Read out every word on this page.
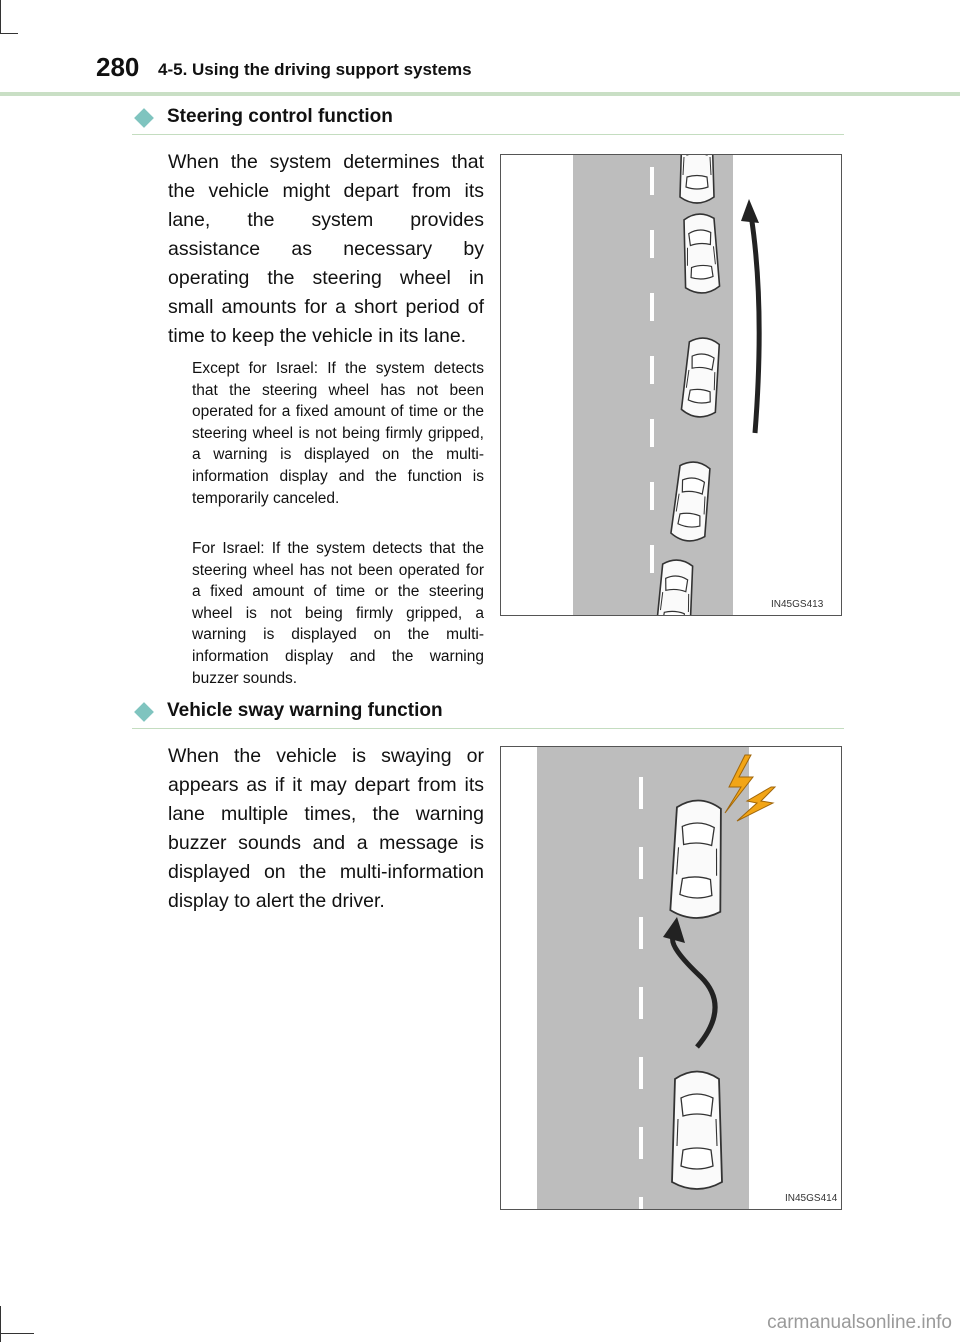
280 4-5. Using the driving support systems
Steering control function
When the system determines that the vehicle might depart from its lane, the system provides assistance as necessary by operating the steering wheel in small amounts for a short period of time to keep the vehicle in its lane.

Except for Israel: If the system detects that the steering wheel has not been operated for a fixed amount of time or the steering wheel is not being firmly gripped, a warning is displayed on the multi-information display and the function is temporarily canceled.

For Israel: If the system detects that the steering wheel has not been operated for a fixed amount of time or the steering wheel is not being firmly gripped, a warning is displayed on the multi-information display and the warning buzzer sounds.

IN45GS413
Vehicle sway warning function
When the vehicle is swaying or appears as if it may depart from its lane multiple times, the warning buzzer sounds and a message is displayed on the multi-information display to alert the driver.
IN45GS414
carmanualsonline.info
